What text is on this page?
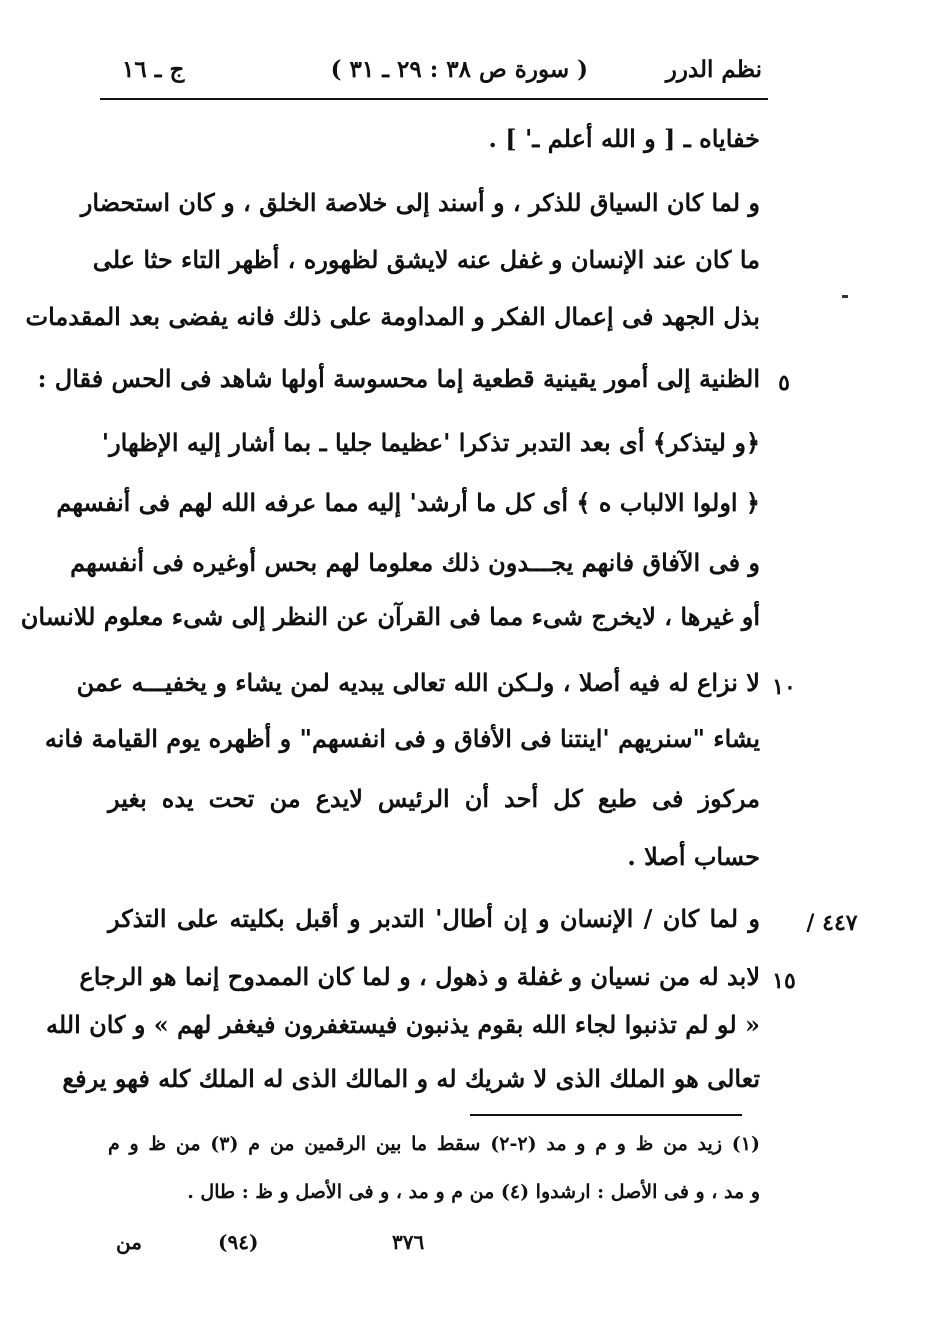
نظم الدرر
( سورة ص ٣٨ : ٢٩ ـ ٣١ )
ج ـ ١٦
خفاياه ـ [ و الله أعلم ـ' ] .
و لما كان السياق للذكر ، و أسند إلى خلاصة الخلق ، و كان استحضار
ما كان عند الإنسان و غفل عنه لايشق لظهوره ، أظهر التاء حثا على
بذل الجهد فى إعمال الفكر و المداومة على ذلك فانه يفضى بعد المقدمات
الظنية إلى أمور يقينية قطعية إما محسوسة أولها شاهد فى الحس فقال : ٥
﴿و ليتذكر﴾ أى بعد التدبر تذكرا 'عظيما جليا ـ بما أشار إليه الإظهار'
﴿ اولوا الالباب ه ﴾ أى كل ما أرشد' إليه مما عرفه الله لهم فى أنفسهم
و فى الآفاق فانهم يجـــدون ذلك معلوما لهم بحس أوغيره فى أنفسهم
أو غيرها ، لايخرج شىء مما فى القرآن عن النظر إلى شىء معلوم للانسان
لا نزاع له فيه أصلا ، ولـكن الله تعالى يبديه لمن يشاء و يخفيـــه عمن ١٠
يشاء "سنريهم 'اينتنا فى الأفاق و فى انفسهم" و أظهره يوم القيامة فانه
مركوز فى طبع كل أحد أن الرئيس لايدع من تحت يده بغير
حساب أصلا .
و لما كان / الإنسان و إن أطال' التدبر و أقبل بكليته على التذكر ٤٤٧ /
لابد له من نسيان و غفلة و ذهول ، و لما كان الممدوح إنما هو الرجاع ١٥
« لو لم تذنبوا لجاء الله بقوم يذنبون فيستغفرون فيغفر لهم » و كان الله
تعالى هو الملك الذى لا شريك له و المالك الذى له الملك كله فهو يرفع
(١) زيد من ظ و م و مد (٢-٢) سقط ما بين الرقمين من م (٣) من ظ و م
و مد ، و فى الأصل : ارشدوا (٤) من م و مد ، و فى الأصل و ظ : طال .
٣٧٦
(٩٤)
من
